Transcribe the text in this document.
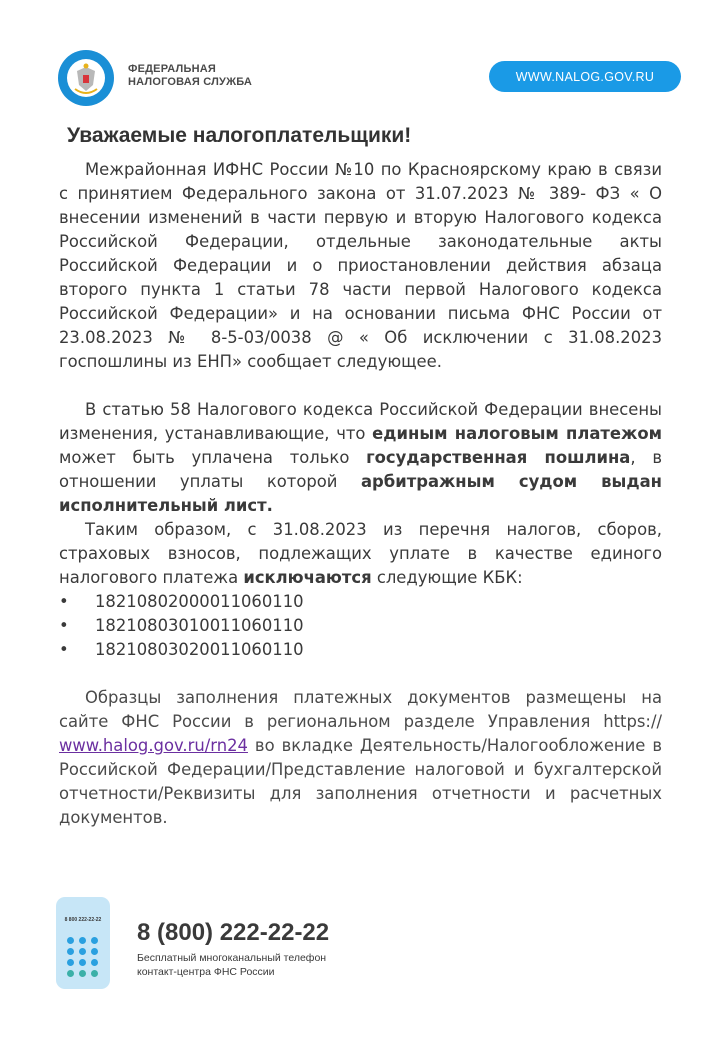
ФЕДЕРАЛЬНАЯ
НАЛОГОВАЯ СЛУЖБА	WWW.NALOG.GOV.RU
Уважаемые налогоплательщики!

Межрайонная ИФНС России №10 по Красноярскому краю в связи с принятием Федерального закона от 31.07.2023 № 389- ФЗ « О внесении изменений в части первую и вторую Налогового кодекса Российской Федерации, отдельные законодательные акты Российской Федерации и о приостановлении действия абзаца второго пункта 1 статьи 78 части первой Налогового кодекса Российской Федерации» и на основании письма ФНС России от 23.08.2023 № 8-5-03/0038 @ « Об исключении с 31.08.2023 госпошлины из ЕНП» сообщает следующее.

В статью 58 Налогового кодекса Российской Федерации внесены изменения, устанавливающие, что единым налоговым платежом может быть уплачена только государственная пошлина, в отношении уплаты которой арбитражным судом выдан исполнительный лист.

Таким образом, с 31.08.2023 из перечня налогов, сборов, страховых взносов, подлежащих уплате в качестве единого налогового платежа исключаются следующие КБК:

• 18210802000011060110
• 18210803010011060110
• 18210803020011060110

Образцы заполнения платежных документов размещены на сайте ФНС России в региональном разделе Управления https:// www.halog.gov.ru/rn24 во вкладке Деятельность/Налогообложение в Российской Федерации/Представление налоговой и бухгалтерской отчетности/Реквизиты для заполнения отчетности и расчетных документов.

8 800 222-22-22	8 (800) 222-22-22
Бесплатный многоканальный телефон
контакт-центра ФНС России
